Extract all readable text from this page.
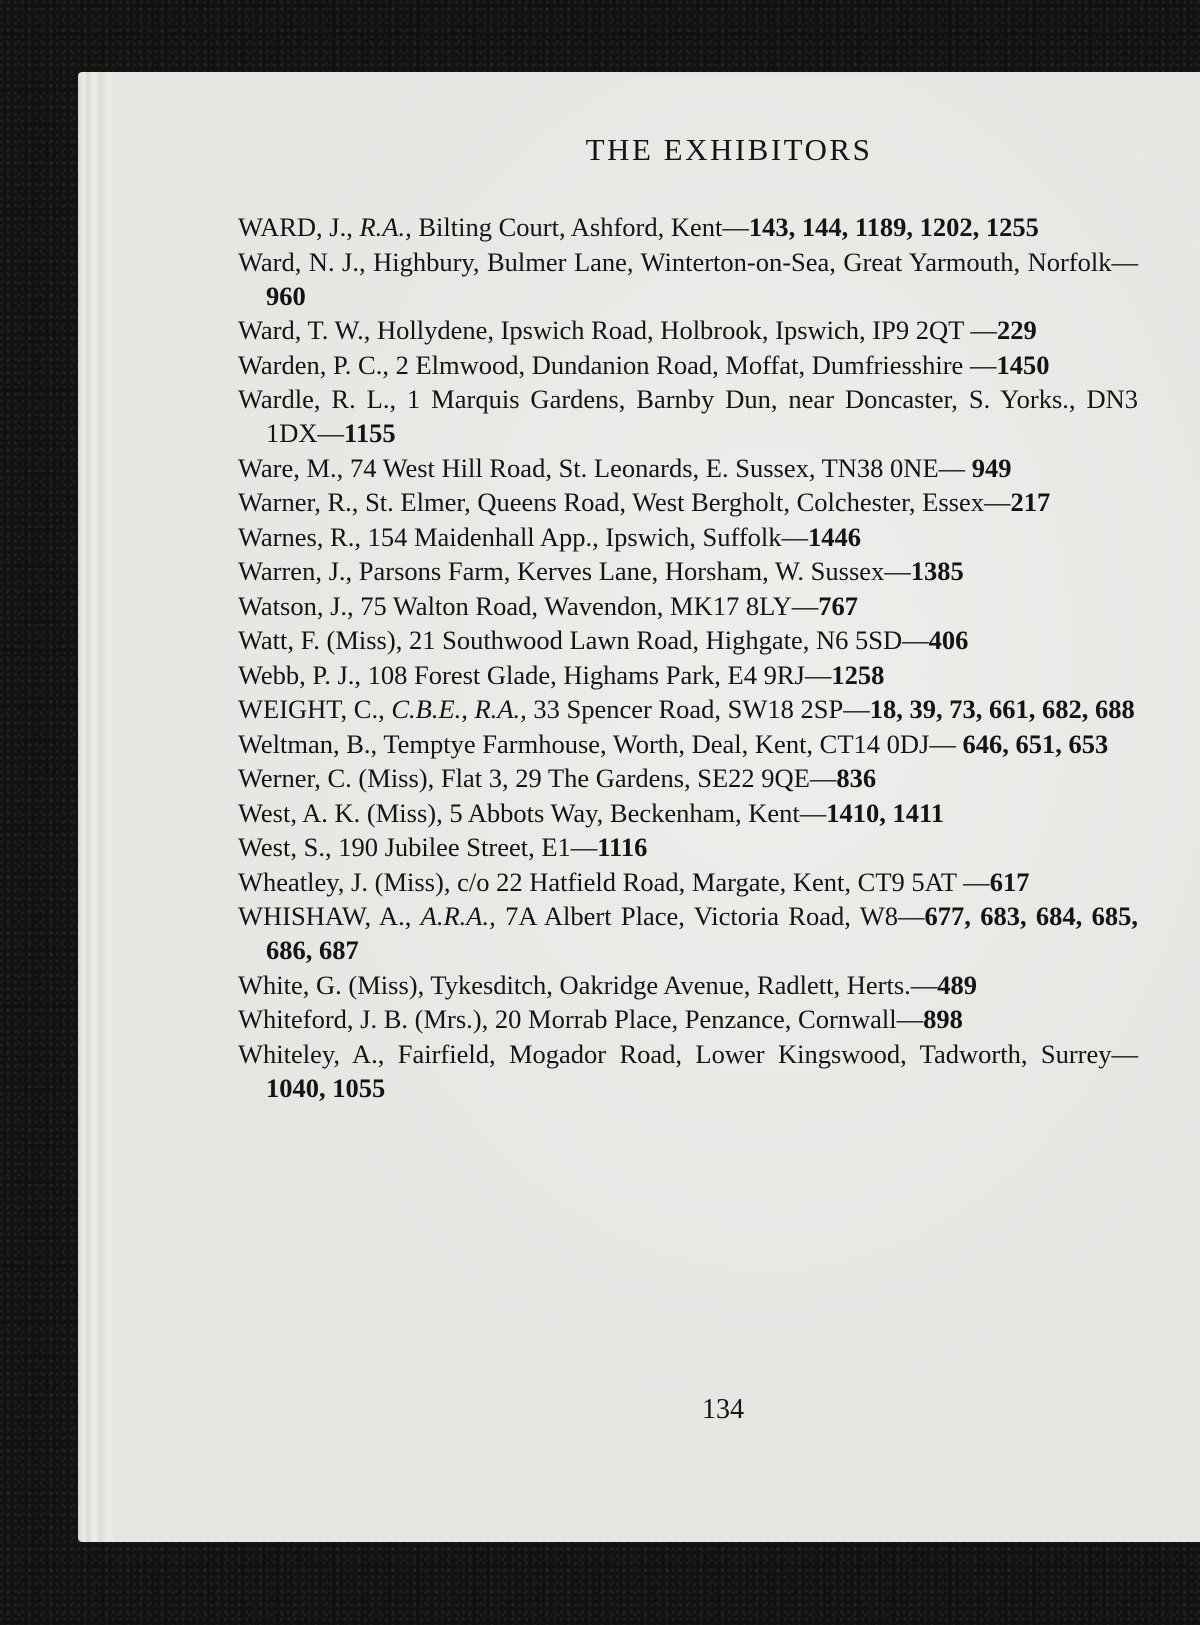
THE EXHIBITORS
WARD, J., R.A., Bilting Court, Ashford, Kent—143, 144, 1189, 1202, 1255
Ward, N. J., Highbury, Bulmer Lane, Winterton-on-Sea, Great Yarmouth, Norfolk—960
Ward, T. W., Hollydene, Ipswich Road, Holbrook, Ipswich, IP9 2QT —229
Warden, P. C., 2 Elmwood, Dundanion Road, Moffat, Dumfriesshire —1450
Wardle, R. L., 1 Marquis Gardens, Barnby Dun, near Doncaster, S. Yorks., DN3 1DX—1155
Ware, M., 74 West Hill Road, St. Leonards, E. Sussex, TN38 0NE— 949
Warner, R., St. Elmer, Queens Road, West Bergholt, Colchester, Essex—217
Warnes, R., 154 Maidenhall App., Ipswich, Suffolk—1446
Warren, J., Parsons Farm, Kerves Lane, Horsham, W. Sussex—1385
Watson, J., 75 Walton Road, Wavendon, MK17 8LY—767
Watt, F. (Miss), 21 Southwood Lawn Road, Highgate, N6 5SD—406
Webb, P. J., 108 Forest Glade, Highams Park, E4 9RJ—1258
WEIGHT, C., C.B.E., R.A., 33 Spencer Road, SW18 2SP—18, 39, 73, 661, 682, 688
Weltman, B., Temptye Farmhouse, Worth, Deal, Kent, CT14 0DJ— 646, 651, 653
Werner, C. (Miss), Flat 3, 29 The Gardens, SE22 9QE—836
West, A. K. (Miss), 5 Abbots Way, Beckenham, Kent—1410, 1411
West, S., 190 Jubilee Street, E1—1116
Wheatley, J. (Miss), c/o 22 Hatfield Road, Margate, Kent, CT9 5AT —617
WHISHAW, A., A.R.A., 7A Albert Place, Victoria Road, W8—677, 683, 684, 685, 686, 687
White, G. (Miss), Tykesditch, Oakridge Avenue, Radlett, Herts.—489
Whiteford, J. B. (Mrs.), 20 Morrab Place, Penzance, Cornwall—898
Whiteley, A., Fairfield, Mogador Road, Lower Kingswood, Tadworth, Surrey—1040, 1055
134
